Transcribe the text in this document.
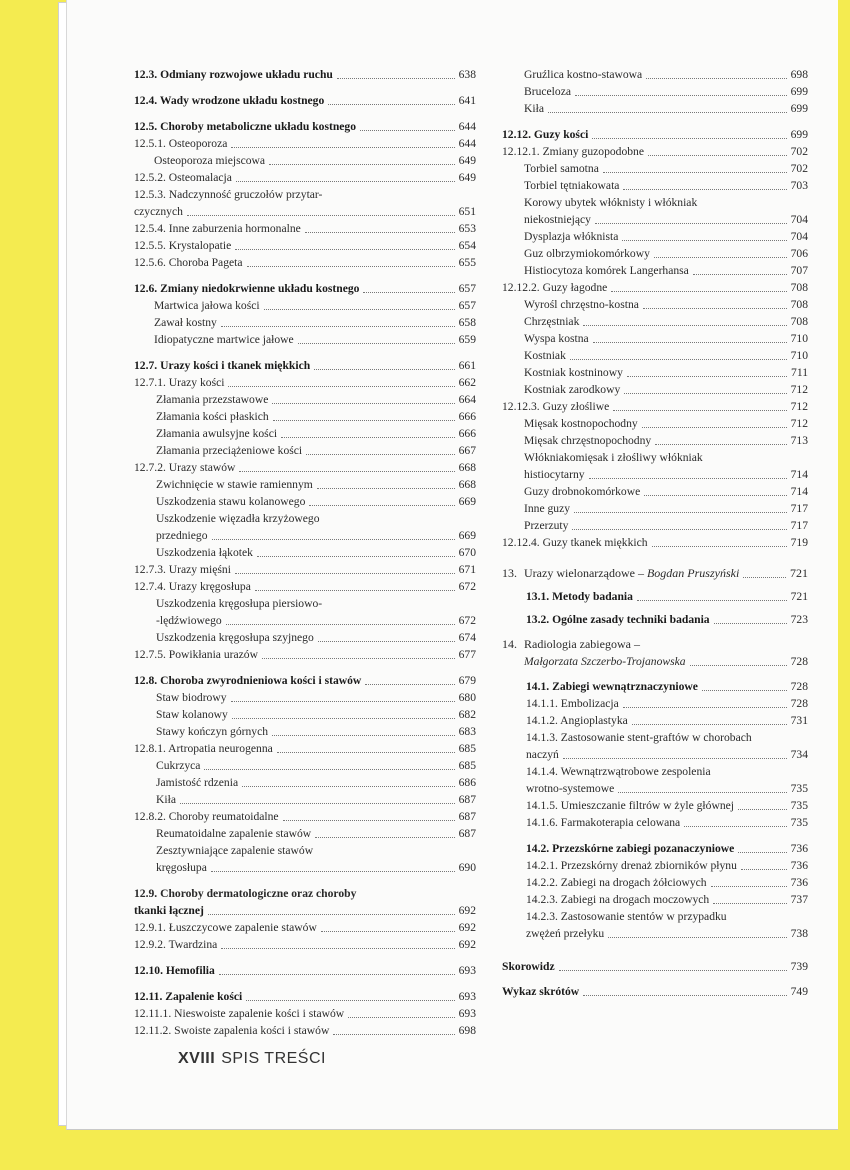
12.3. Odmiany rozwojowe układu ruchu	638
12.4. Wady wrodzone układu kostnego	641
12.5. Choroby metaboliczne układu kostnego	644
12.5.1. Osteoporoza	644
Osteoporoza miejscowa	649
12.5.2. Osteomalacja	649
12.5.3. Nadczynność gruczołów przytar-
czycznych	651
12.5.4. Inne zaburzenia hormonalne	653
12.5.5. Krystalopatie	654
12.5.6. Choroba Pageta	655
12.6. Zmiany niedokrwienne układu kostnego	657
Martwica jałowa kości	657
Zawał kostny	658
Idiopatyczne martwice jałowe	659
12.7. Urazy kości i tkanek miękkich	661
12.7.1. Urazy kości	662
Złamania przezstawowe	664
Złamania kości płaskich	666
Złamania awulsyjne kości	666
Złamania przeciążeniowe kości	667
12.7.2. Urazy stawów	668
Zwichnięcie w stawie ramiennym	668
Uszkodzenia stawu kolanowego	669
Uszkodzenie więzadła krzyżowego
przedniego	669
Uszkodzenia łąkotek	670
12.7.3. Urazy mięśni	671
12.7.4. Urazy kręgosłupa	672
Uszkodzenia kręgosłupa piersiowo-
-lędźwiowego	672
Uszkodzenia kręgosłupa szyjnego	674
12.7.5. Powikłania urazów	677
12.8. Choroba zwyrodnieniowa kości i stawów	679
Staw biodrowy	680
Staw kolanowy	682
Stawy kończyn górnych	683
12.8.1. Artropatia neurogenna	685
Cukrzyca	685
Jamistość rdzenia	686
Kiła	687
12.8.2. Choroby reumatoidalne	687
Reumatoidalne zapalenie stawów	687
Zesztywniające zapalenie stawów
kręgosłupa	690
12.9. Choroby dermatologiczne oraz choroby
tkanki łącznej	692
12.9.1. Łuszczycowe zapalenie stawów	692
12.9.2. Twardzina	692
12.10. Hemofilia	693
12.11. Zapalenie kości	693
12.11.1. Nieswoiste zapalenie kości i stawów	693
12.11.2. Swoiste zapalenia kości i stawów	698
Gruźlica kostno-stawowa	698
Bruceloza	699
Kiła	699
12.12. Guzy kości	699
12.12.1. Zmiany guzopodobne	702
Torbiel samotna	702
Torbiel tętniakowata	703
Korowy ubytek włóknisty i włókniak
niekostniejący	704
Dysplazja włóknista	704
Guz olbrzymiokomórkowy	706
Histiocytoza komórek Langerhansa	707
12.12.2. Guzy łagodne	708
Wyrośl chrzęstno-kostna	708
Chrzęstniak	708
Wyspa kostna	710
Kostniak	710
Kostniak kostninowy	711
Kostniak zarodkowy	712
12.12.3. Guzy złośliwe	712
Mięsak kostnopochodny	712
Mięsak chrzęstnopochodny	713
Włókniakomięsak i złośliwy włókniak
histiocytarny	714
Guzy drobnokomórkowe	714
Inne guzy	717
Przerzuty	717
12.12.4. Guzy tkanek miękkich	719
13. Urazy wielonarządowe – Bogdan Pruszyński	721
13.1. Metody badania	721
13.2. Ogólne zasady techniki badania	723
14. Radiologia zabiegowa –
Małgorzata Szczerbo-Trojanowska	728
14.1. Zabiegi wewnątrznaczyniowe	728
14.1.1. Embolizacja	728
14.1.2. Angioplastyka	731
14.1.3. Zastosowanie stent-graftów w chorobach
naczyń	734
14.1.4. Wewnątrzwątrobowe zespolenia
wrotno-systemowe	735
14.1.5. Umieszczanie filtrów w żyle głównej	735
14.1.6. Farmakoterapia celowana	735
14.2. Przezskórne zabiegi pozanaczyniowe	736
14.2.1. Przezskórny drenaż zbiorników płynu	736
14.2.2. Zabiegi na drogach żółciowych	736
14.2.3. Zabiegi na drogach moczowych	737
14.2.3. Zastosowanie stentów w przypadku
zwężeń przełyku	738
Skorowidz	739
Wykaz skrótów	749
XVIII SPIS TREŚCI
